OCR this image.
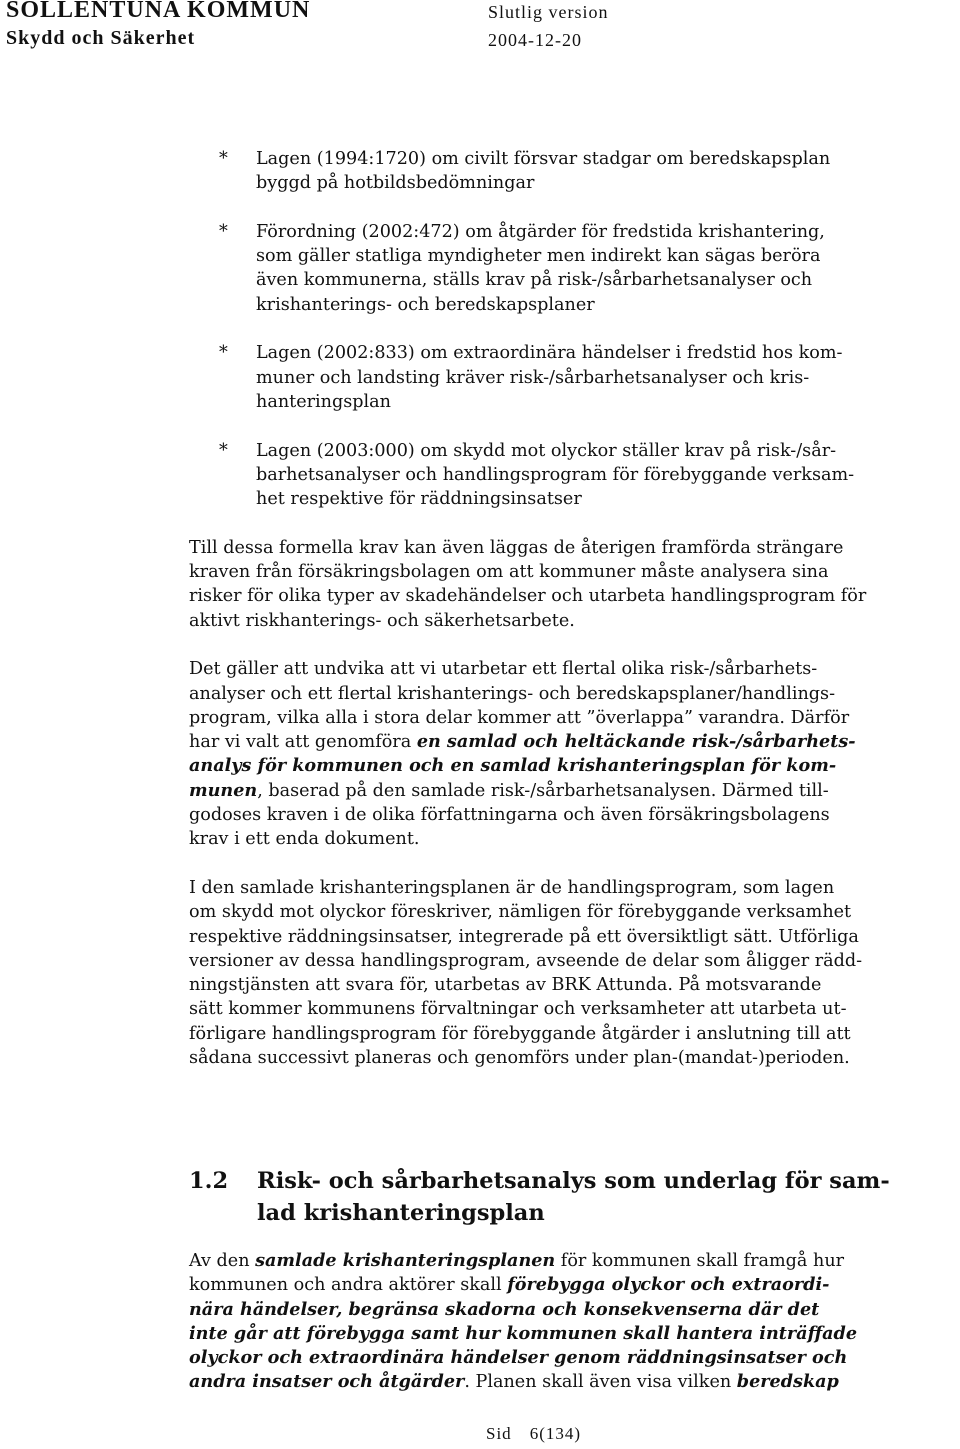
SOLLENTUNA KOMMUN
Skydd och Säkerhet
Slutlig version
2004-12-20
* Lagen (1994:1720) om civilt försvar stadgar om beredskapsplan
byggd på hotbildsbedömningar
* Förordning (2002:472) om åtgärder för fredstida krishantering,
som gäller statliga myndigheter men indirekt kan sägas beröra
även kommunerna, ställs krav på risk-/sårbarhetsanalyser och
krishanterings- och beredskapsplaner
* Lagen (2002:833) om extraordinära händelser i fredstid hos kom-
muner och landsting kräver risk-/sårbarhetsanalyser och kris-
hanteringsplan
* Lagen (2003:000) om skydd mot olyckor ställer krav på risk-/sår-
barhetsanalyser och handlingsprogram för förebyggande verksam-
het respektive för räddningsinsatser
Till dessa formella krav kan även läggas de återigen framförda strängare
kraven från försäkringsbolagen om att kommuner måste analysera sina
risker för olika typer av skadehändelser och utarbeta handlingsprogram för
aktivt riskhanterings- och säkerhetsarbete.
Det gäller att undvika att vi utarbetar ett flertal olika risk-/sårbarhets-
analyser och ett flertal krishanterings- och beredskapsplaner/handlings-
program, vilka alla i stora delar kommer att ”överlappa” varandra. Därför
har vi valt att genomföra en samlad och heltäckande risk-/sårbarhets-
analys för kommunen och en samlad krishanteringsplan för kom-
munen, baserad på den samlade risk-/sårbarhetsanalysen. Därmed till-
godoses kraven i de olika författningarna och även försäkringsbolagens
krav i ett enda dokument.
I den samlade krishanteringsplanen är de handlingsprogram, som lagen
om skydd mot olyckor föreskriver, nämligen för förebyggande verksamhet
respektive räddningsinsatser, integrerade på ett översiktligt sätt. Utförliga
versioner av dessa handlingsprogram, avseende de delar som åligger rädd-
ningstjänsten att svara för, utarbetas av BRK Attunda. På motsvarande
sätt kommer kommunens förvaltningar och verksamheter att utarbeta ut-
förligare handlingsprogram för förebyggande åtgärder i anslutning till att
sådana successivt planeras och genomförs under plan-(mandat-)perioden.
1.2	Risk- och sårbarhetsanalys som underlag för sam-
lad krishanteringsplan
Av den samlade krishanteringsplanen för kommunen skall framgå hur
kommunen och andra aktörer skall förebygga olyckor och extraordi-
nära händelser, begränsa skadorna och konsekvenserna där det
inte går att förebygga samt hur kommunen skall hantera inträffade
olyckor och extraordinära händelser genom räddningsinsatser och
andra insatser och åtgärder. Planen skall även visa vilken beredskap
Sid 6(134)
